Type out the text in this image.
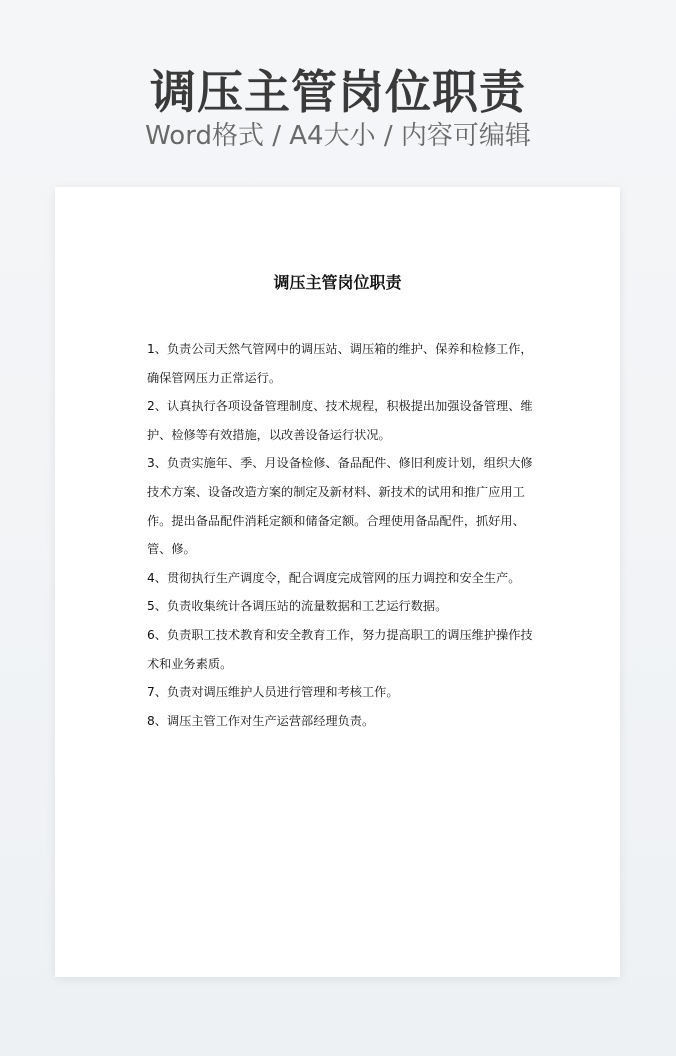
调压主管岗位职责
Word格式 / A4大小 / 内容可编辑
调压主管岗位职责

1、负责公司天然气管网中的调压站、调压箱的维护、保养和检修工作，确保管网压力正常运行。

2、认真执行各项设备管理制度、技术规程，积极提出加强设备管理、维护、检修等有效措施，以改善设备运行状况。

3、负责实施年、季、月设备检修、备品配件、修旧利废计划，组织大修技术方案、设备改造方案的制定及新材料、新技术的试用和推广应用工作。提出备品配件消耗定额和储备定额。合理使用备品配件，抓好用、管、修。

4、贯彻执行生产调度令，配合调度完成管网的压力调控和安全生产。

5、负责收集统计各调压站的流量数据和工艺运行数据。

6、负责职工技术教育和安全教育工作，努力提高职工的调压维护操作技术和业务素质。

7、负责对调压维护人员进行管理和考核工作。

8、调压主管工作对生产运营部经理负责。
